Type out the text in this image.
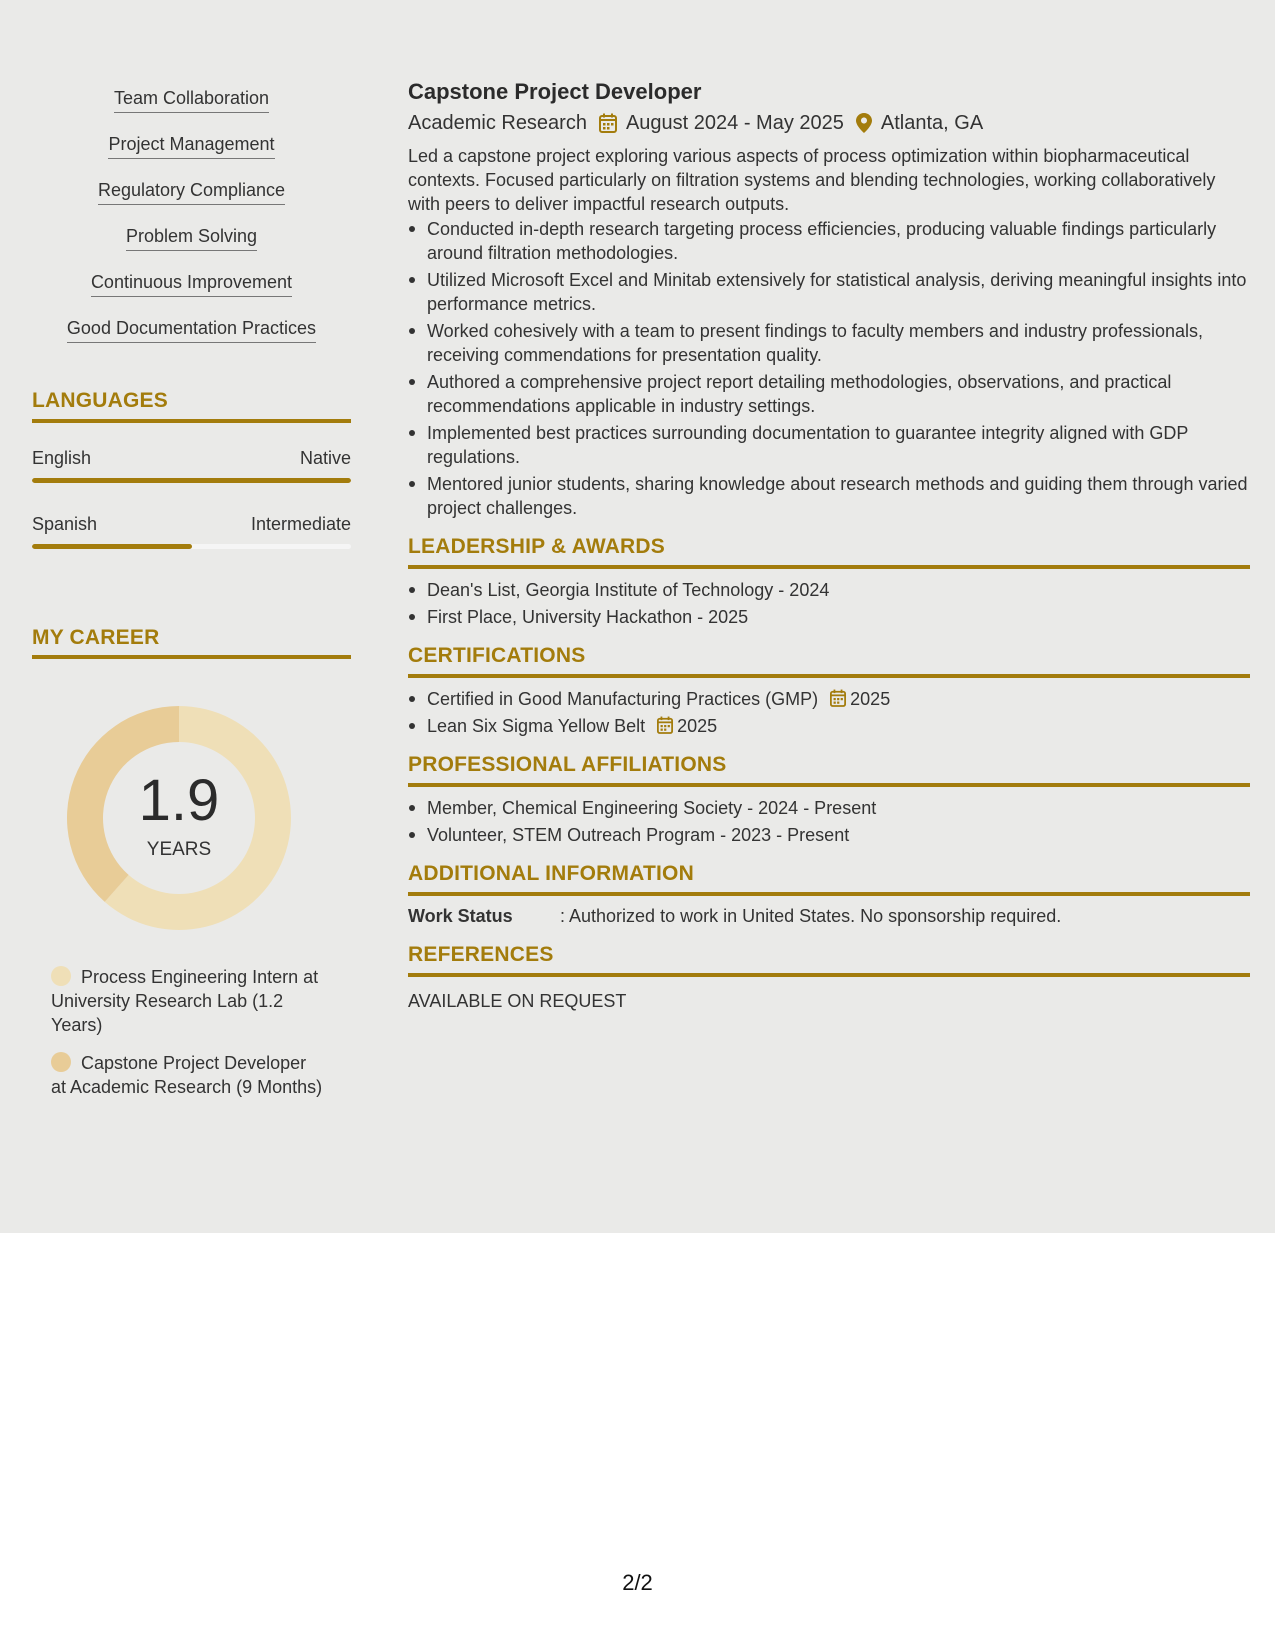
Team Collaboration
Project Management
Regulatory Compliance
Problem Solving
Continuous Improvement
Good Documentation Practices
LANGUAGES
English	Native
Spanish	Intermediate
MY CAREER
1.9
YEARS
Process Engineering Intern at University Research Lab (1.2 Years)
Capstone Project Developer at Academic Research (9 Months)
Capstone Project Developer
Academic Research August 2024 - May 2025 Atlanta, GA
Led a capstone project exploring various aspects of process optimization within biopharmaceutical contexts. Focused particularly on filtration systems and blending technologies, working collaboratively with peers to deliver impactful research outputs.
Conducted in-depth research targeting process efficiencies, producing valuable findings particularly around filtration methodologies.
Utilized Microsoft Excel and Minitab extensively for statistical analysis, deriving meaningful insights into performance metrics.
Worked cohesively with a team to present findings to faculty members and industry professionals, receiving commendations for presentation quality.
Authored a comprehensive project report detailing methodologies, observations, and practical recommendations applicable in industry settings.
Implemented best practices surrounding documentation to guarantee integrity aligned with GDP regulations.
Mentored junior students, sharing knowledge about research methods and guiding them through varied project challenges.
LEADERSHIP & AWARDS
Dean's List, Georgia Institute of Technology - 2024
First Place, University Hackathon - 2025
CERTIFICATIONS
Certified in Good Manufacturing Practices (GMP) 2025
Lean Six Sigma Yellow Belt 2025
PROFESSIONAL AFFILIATIONS
Member, Chemical Engineering Society - 2024 - Present
Volunteer, STEM Outreach Program - 2023 - Present
ADDITIONAL INFORMATION
Work Status	: Authorized to work in United States. No sponsorship required.
REFERENCES
AVAILABLE ON REQUEST
2/2
